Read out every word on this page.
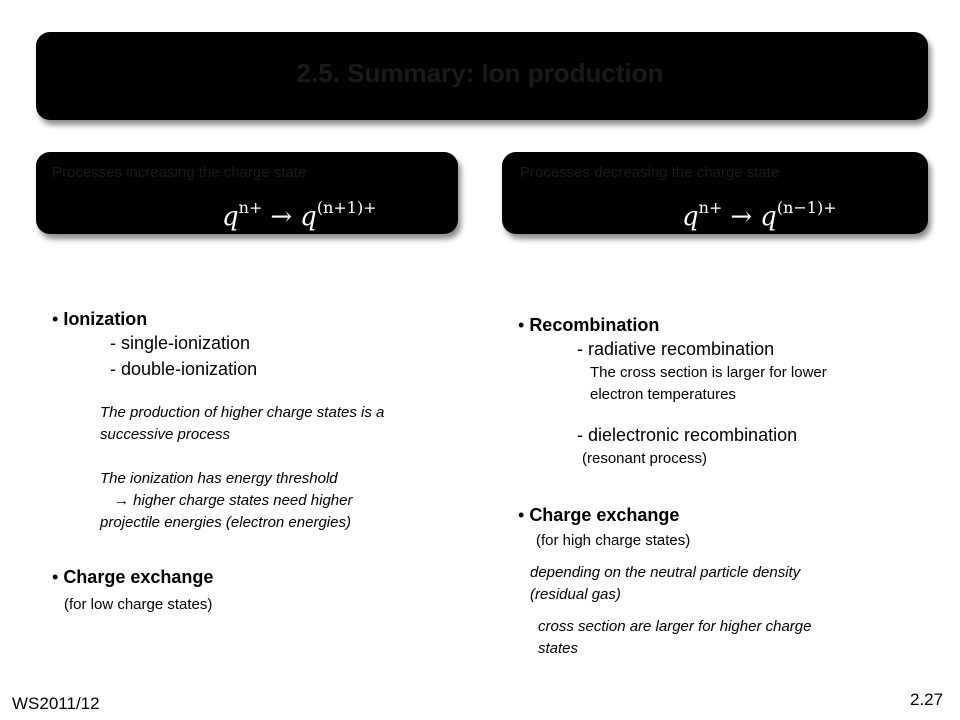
2.5. Summary: Ion production
Processes increasing the charge state
$q^{n+} \to q^{(n+1)+}$
Processes decreasing the charge state
$q^{n+} \to q^{(n-1)+}$
• Ionization
- single-ionization
- double-ionization
The production of higher charge states is a
successive process
The ionization has energy threshold
→ higher charge states need higher
projectile energies (electron energies)
• Charge exchange
(for low charge states)
• Recombination
- radiative recombination
The cross section is larger for lower
electron temperatures
- dielectronic recombination
(resonant process)
• Charge exchange
(for high charge states)
depending on the neutral particle density
(residual gas)
cross section are larger for higher charge
states
WS2011/12	2.27
